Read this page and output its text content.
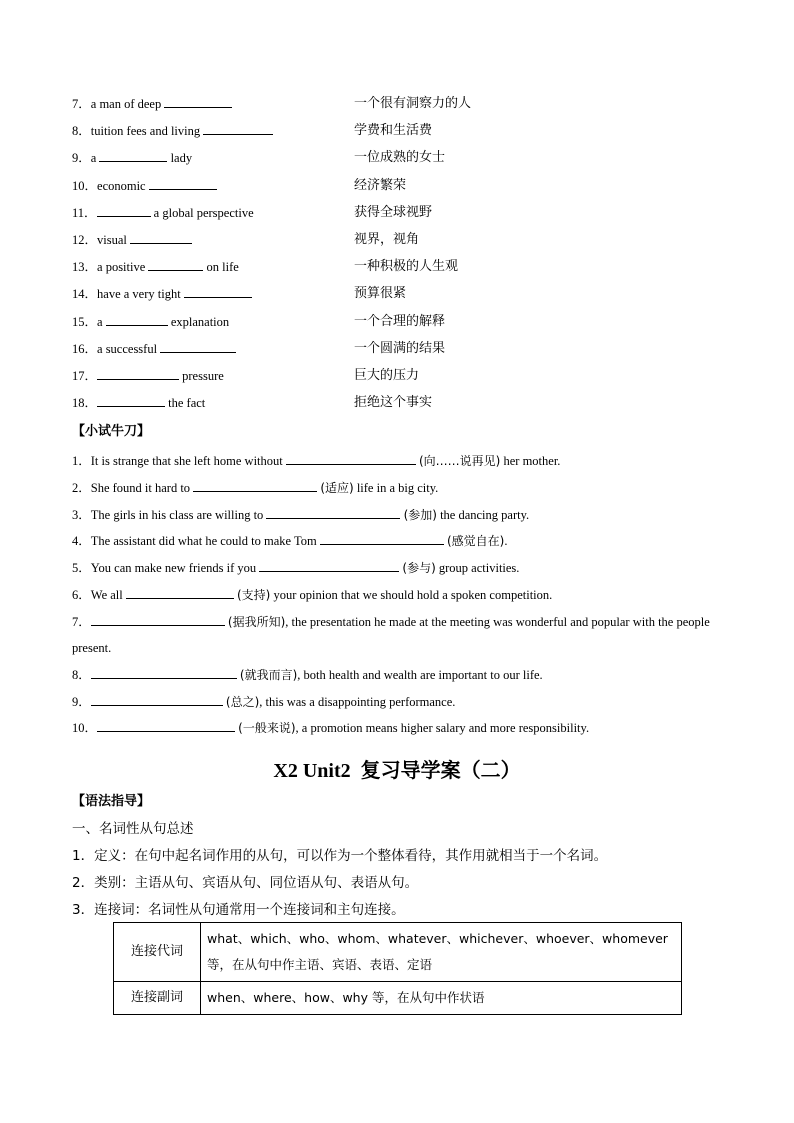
7．a man of deep	一个很有洞察力的人
8．tuition fees and living	学费和生活费
9．a	lady	一位成熟的女士
10．economic	经济繁荣
11．	a global perspective	获得全球视野
12．visual	视界，视角
13．a positive	on life	一种积极的人生观
14．have a very tight	预算很紧
15．a	explanation	一个合理的解释
16．a successful	一个圆满的结果
17．	pressure	巨大的压力
18．	the fact	拒绝这个事实
【小试牛刀】
1．It is strange that she left home without	(向……说再见) her mother.
2．She found it hard to	(适应) life in a big city.
3．The girls in his class are willing to	(参加) the dancing party.
4．The assistant did what he could to make Tom	(感觉自在).
5．You can make new friends if you	(参与) group activities.
6．We all	(支持) your opinion that we should hold a spoken competition.
7．	(据我所知), the presentation he made at the meeting was wonderful and popular with the people present.
8．	(就我而言), both health and wealth are important to our life.
9．	(总之), this was a disappointing performance.
10．	(一般来说), a promotion means higher salary and more responsibility.
X2 Unit2 复习导学案（二）
【语法指导】
一、名词性从句总述
1．定义：在句中起名词作用的从句，可以作为一个整体看待，其作用就相当于一个名词。
2．类别：主语从句、宾语从句、同位语从句、表语从句。
3．连接词：名词性从句通常用一个连接词和主句连接。
连接代词	what、which、who、whom、whatever、whichever、whoever、whomever 等，在从句中作主语、宾语、表语、定语
连接副词	when、where、how、why 等，在从句中作状语
